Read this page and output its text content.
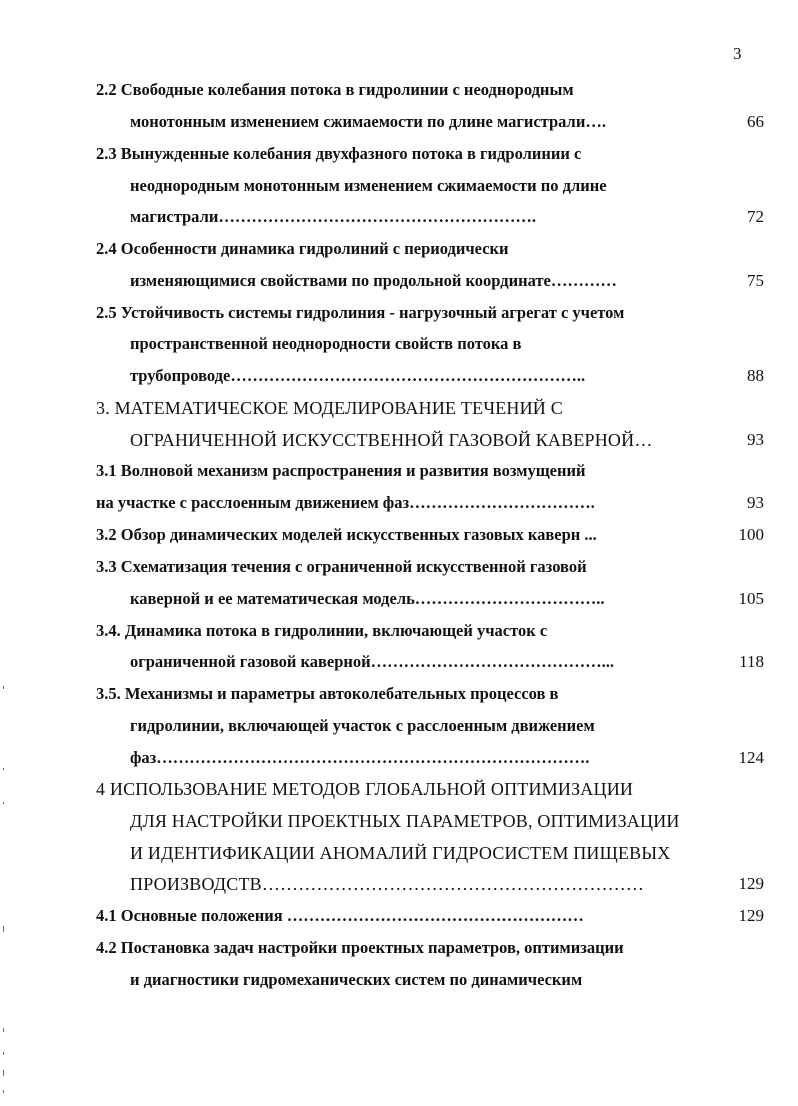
3
2.2 Свободные колебания потока в гидролинии с неоднородным
монотонным изменением сжимаемости по длине магистрали….	66
2.3 Вынужденные колебания двухфазного потока в гидролинии с
неоднородным монотонным изменением сжимаемости по длине
магистрали………………………………………………….	72
2.4 Особенности динамика гидролиний с периодически
изменяющимися свойствами по продольной координате…………	75
2.5 Устойчивость системы гидролиния - нагрузочный агрегат с учетом
пространственной неоднородности свойств потока в
трубопроводе………………………………………………………..	88
3. МАТЕМАТИЧЕСКОЕ МОДЕЛИРОВАНИЕ ТЕЧЕНИЙ С
ОГРАНИЧЕННОЙ ИСКУССТВЕННОЙ ГАЗОВОЙ КАВЕРНОЙ…	93
3.1 Волновой механизм распространения и развития возмущений
на участке с расслоенным движением фаз…………………………….	93
3.2 Обзор динамических моделей искусственных газовых каверн ...	100
3.3 Схематизация течения с ограниченной искусственной газовой
каверной и ее математическая модель……………………………..	105
3.4. Динамика потока в гидролинии, включающей участок с
ограниченной газовой каверной……………………………………...	118
3.5. Механизмы и параметры автоколебательных процессов в
гидролинии, включающей участок с расслоенным движением
фаз…………………………………………………………………….	124
4 ИСПОЛЬЗОВАНИЕ МЕТОДОВ ГЛОБАЛЬНОЙ ОПТИМИЗАЦИИ
ДЛЯ НАСТРОЙКИ ПРОЕКТНЫХ ПАРАМЕТРОВ, ОПТИМИЗАЦИИ
И ИДЕНТИФИКАЦИИ АНОМАЛИЙ ГИДРОСИСТЕМ ПИЩЕВЫХ
ПРОИЗВОДСТВ………………………………………………………	129
4.1 Основные положения ………………………………………………	129
4.2 Постановка задач настройки проектных параметров, оптимизации
и диагностики гидромеханических систем по динамическим
